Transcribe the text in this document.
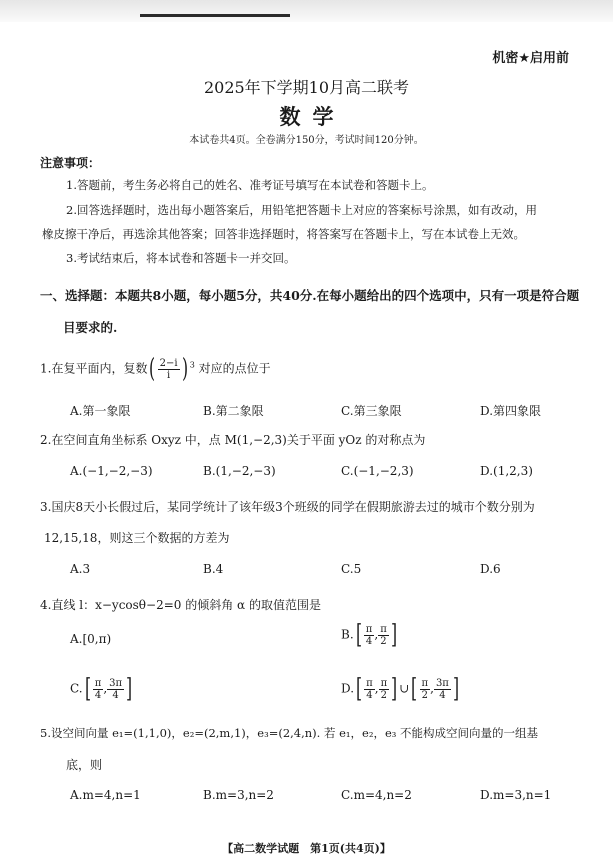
机密★启用前
2025年下学期10月高二联考
数学
本试卷共4页。全卷满分150分，考试时间120分钟。
注意事项：
1.答题前，考生务必将自己的姓名、准考证号填写在本试卷和答题卡上。
2.回答选择题时，选出每小题答案后，用铅笔把答题卡上对应的答案标号涂黑，如有改动，用
橡皮擦干净后，再选涂其他答案；回答非选择题时，将答案写在答题卡上，写在本试卷上无效。
3.考试结束后，将本试卷和答题卡一并交回。
一、选择题：本题共8小题，每小题5分，共40分.在每小题给出的四个选项中，只有一项是符合题
目要求的.
1.在复平面内，复数( $\frac{2-i}{i}$ ) $^3$ 对应的点位于
A.第一象限	B.第二象限	C.第三象限	D.第四象限
2.在空间直角坐标系 Oxyz 中，点 M(1,−2,3)关于平面 yOz 的对称点为
A.(−1,−2,−3)	B.(1,−2,−3)	C.(−1,−2,3)	D.(1,2,3)
3.国庆8天小长假过后，某同学统计了该年级3个班级的同学在假期旅游去过的城市个数分别为
12,15,18，则这三个数据的方差为
A.3	B.4	C.5	D.6
4.直线 l：x−ycosθ−2=0 的倾斜角 α 的取值范围是
A.[0,π)	$B.[ \frac{\pi}{4}$ , $\frac{\pi}{2}$ ]
$C.[ \frac{\pi}{4}$ , $\frac{3\pi}{4}$ ]	$D.[ \frac{\pi}{4}$ , $\frac{\pi}{2}$ ] ∪[ $\frac{\pi}{2}$ , $\frac{3\pi}{4}$ ]
5.设空间向量 e₁=(1,1,0)，e₂=(2,m,1)，e₃=(2,4,n). 若 e₁，e₂，e₃ 不能构成空间向量的一组基
底，则
A.m=4,n=1	B.m=3,n=2	C.m=4,n=2	D.m=3,n=1
【高二数学试题　第1页(共4页)】
